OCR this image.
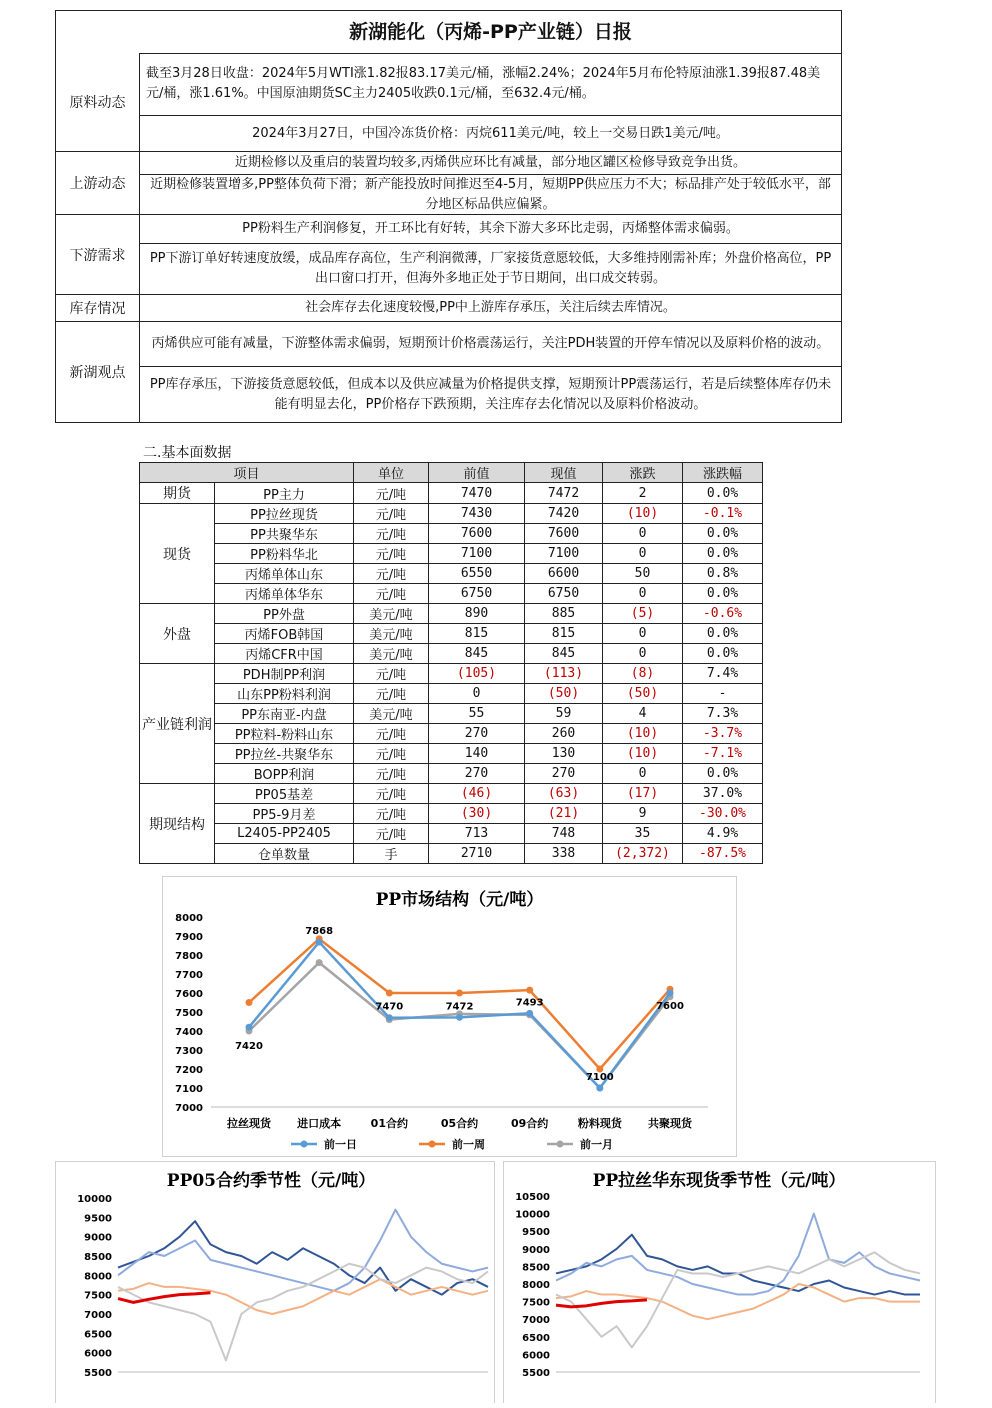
新湖能化（丙烯-PP产业链）日报
原料动态
截至3月28日收盘：2024年5月WTI涨1.82报83.17美元/桶，涨幅2.24%；2024年5月布伦特原油涨1.39报87.48美元/桶，涨1.61%。中国原油期货SC主力2405收跌0.1元/桶，至632.4元/桶。
2024年3月27日，中国冷冻货价格：丙烷611美元/吨，较上一交易日跌1美元/吨。
上游动态
近期检修以及重启的装置均较多,丙烯供应环比有减量，部分地区罐区检修导致竞争出货。
近期检修装置增多,PP整体负荷下滑；新产能投放时间推迟至4-5月，短期PP供应压力不大；标品排产处于较低水平，部分地区标品供应偏紧。
下游需求
PP粉料生产利润修复，开工环比有好转，其余下游大多环比走弱，丙烯整体需求偏弱。
PP下游订单好转速度放缓，成品库存高位，生产利润微薄，厂家接货意愿较低，大多维持刚需补库；外盘价格高位，PP出口窗口打开，但海外多地正处于节日期间，出口成交转弱。
库存情况	社会库存去化速度较慢,PP中上游库存承压，关注后续去库情况。
新湖观点
丙烯供应可能有减量，下游整体需求偏弱，短期预计价格震荡运行，关注PDH装置的开停车情况以及原料价格的波动。
PP库存承压，下游接货意愿较低，但成本以及供应减量为价格提供支撑，短期预计PP震荡运行，若是后续整体库存仍未能有明显去化，PP价格存下跌预期，关注库存去化情况以及原料价格波动。
二.基本面数据
项目		单位	前值	现值	涨跌	涨跌幅
期货	PP主力	元/吨	7470	7472	2	0.0%
现货	PP拉丝现货	元/吨	7430	7420	(10)	-0.1%
	PP共聚华东	元/吨	7600	7600	0	0.0%
	PP粉料华北	元/吨	7100	7100	0	0.0%
	丙烯单体山东	元/吨	6550	6600	50	0.8%
	丙烯单体华东	元/吨	6750	6750	0	0.0%
外盘	PP外盘	美元/吨	890	885	(5)	-0.6%
	丙烯FOB韩国	美元/吨	815	815	0	0.0%
	丙烯CFR中国	美元/吨	845	845	0	0.0%
产业链利润	PDH制PP利润	元/吨	(105)	(113)	(8)	7.4%
	山东PP粉料利润	元/吨	0	(50)	(50)	-
	PP东南亚-内盘	美元/吨	55	59	4	7.3%
	PP粒料-粉料山东	元/吨	270	260	(10)	-3.7%
	PP拉丝-共聚华东	元/吨	140	130	(10)	-7.1%
	BOPP利润	元/吨	270	270	0	0.0%
期现结构	PP05基差	元/吨	(46)	(63)	(17)	37.0%
	PP5-9月差	元/吨	(30)	(21)	9	-30.0%
	L2405-PP2405	元/吨	713	748	35	4.9%
	仓单数量	手	2710	338	(2,372)	-87.5%
PP市场结构（元/吨）
7000
7100
7200
7300
7400
7500
7600
7700
7800
7900
8000
拉丝现货 进口成本	01合约	05合约	09合约	粉料现货 共聚现货
7420
7868
7470	7472	7493
7100
7600
前一日	前一周	前一月
PP05合约季节性（元/吨）
5500
6000
6500
7000
7500
8000
8500
9000
9500
10000
PP拉丝华东现货季节性（元/吨）
5500
6000
6500
7000
7500
8000
8500
9000
9500
10000
10500
